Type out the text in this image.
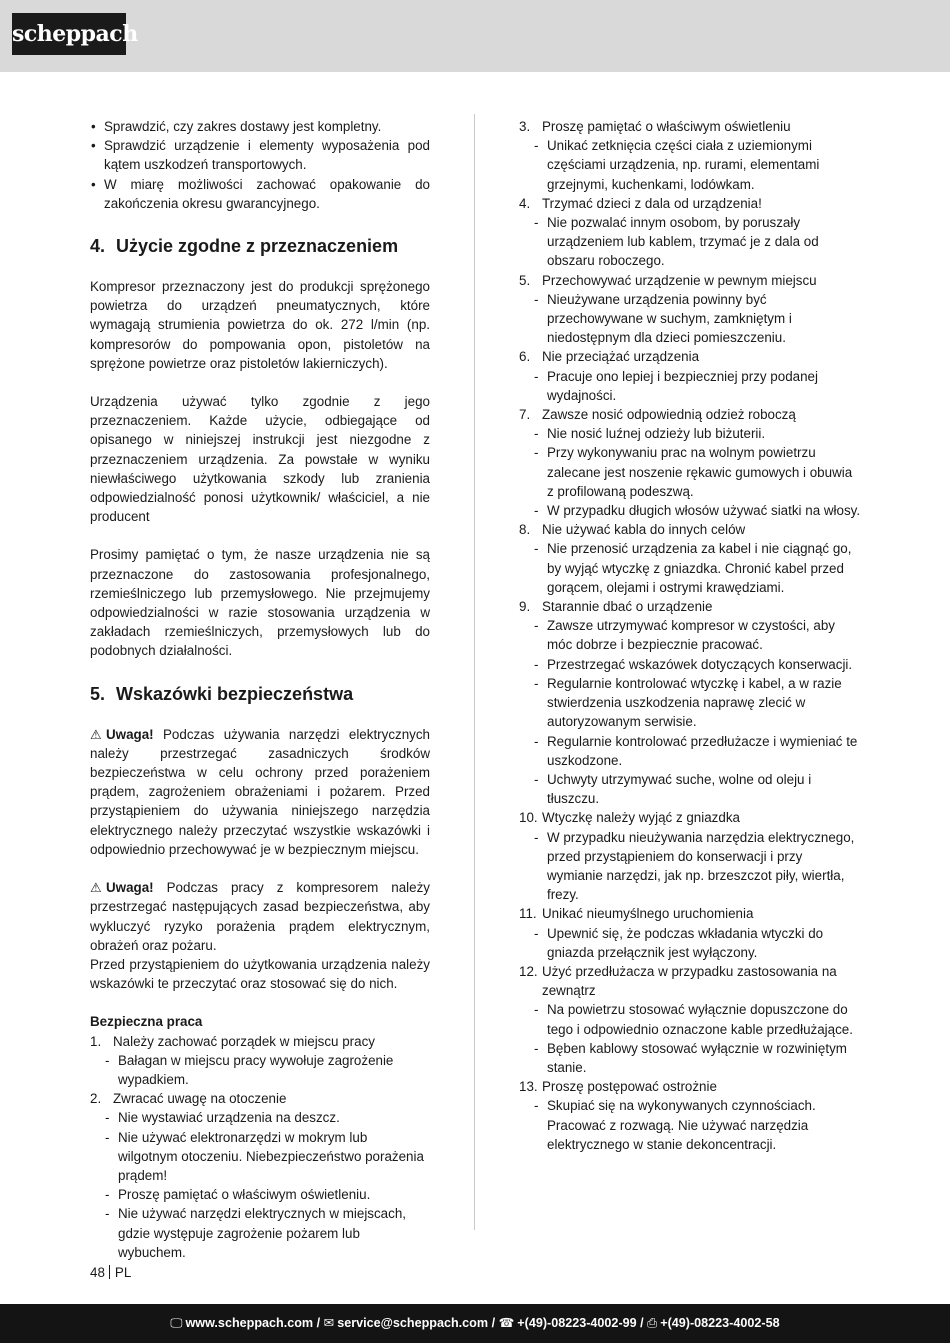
scheppach
• Sprawdzić, czy zakres dostawy jest kompletny.
• Sprawdzić urządzenie i elementy wyposażenia pod kątem uszkodzeń transportowych.
• W miarę możliwości zachować opakowanie do zakończenia okresu gwarancyjnego.
4. Użycie zgodne z przeznaczeniem
Kompresor przeznaczony jest do produkcji sprężonego powietrza do urządzeń pneumatycznych, które wymagają strumienia powietrza do ok. 272 l/min (np. kompresorów do pompowania opon, pistoletów na sprężone powietrze oraz pistoletów lakierniczych).
Urządzenia używać tylko zgodnie z jego przeznaczeniem. Każde użycie, odbiegające od opisanego w niniejszej instrukcji jest niezgodne z przeznaczeniem urządzenia. Za powstałe w wyniku niewłaściwego użytkowania szkody lub zranienia odpowiedzialność ponosi użytkownik/ właściciel, a nie producent
Prosimy pamiętać o tym, że nasze urządzenia nie są przeznaczone do zastosowania profesjonalnego, rzemieślniczego lub przemysłowego. Nie przejmujemy odpowiedzialności w razie stosowania urządzenia w zakładach rzemieślniczych, przemysłowych lub do podobnych działalności.
5. Wskazówki bezpieczeństwa
⚠ Uwaga! Podczas używania narzędzi elektrycznych należy przestrzegać zasadniczych środków bezpieczeństwa w celu ochrony przed porażeniem prądem, zagrożeniem obrażeniami i pożarem. Przed przystąpieniem do używania niniejszego narzędzia elektrycznego należy przeczytać wszystkie wskazówki i odpowiednio przechowywać je w bezpiecznym miejscu.
⚠ Uwaga! Podczas pracy z kompresorem należy przestrzegać następujących zasad bezpieczeństwa, aby wykluczyć ryzyko porażenia prądem elektrycznym, obrażeń oraz pożaru.
Przed przystąpieniem do użytkowania urządzenia należy wskazówki te przeczytać oraz stosować się do nich.
Bezpieczna praca
1. Należy zachować porządek w miejscu pracy
- Bałagan w miejscu pracy wywołuje zagrożenie wypadkiem.
2. Zwracać uwagę na otoczenie
- Nie wystawiać urządzenia na deszcz.
- Nie używać elektronarzędzi w mokrym lub wilgotnym otoczeniu. Niebezpieczeństwo porażenia prądem!
- Proszę pamiętać o właściwym oświetleniu.
- Nie używać narzędzi elektrycznych w miejscach, gdzie występuje zagrożenie pożarem lub wybuchem.
3. Proszę pamiętać o właściwym oświetleniu
- Unikać zetknięcia części ciała z uziemionymi częściami urządzenia, np. rurami, elementami grzejnymi, kuchenkami, lodówkam.
4. Trzymać dzieci z dala od urządzenia!
- Nie pozwalać innym osobom, by poruszały urządzeniem lub kablem, trzymać je z dala od obszaru roboczego.
5. Przechowywać urządzenie w pewnym miejscu
- Nieużywane urządzenia powinny być przechowywane w suchym, zamkniętym i niedostępnym dla dzieci pomieszczeniu.
6. Nie przeciążać urządzenia
- Pracuje ono lepiej i bezpieczniej przy podanej wydajności.
7. Zawsze nosić odpowiednią odzież roboczą
- Nie nosić luźnej odzieży lub biżuterii.
- Przy wykonywaniu prac na wolnym powietrzu zalecane jest noszenie rękawic gumowych i obuwia z profilowaną podeszwą.
- W przypadku długich włosów używać siatki na włosy.
8. Nie używać kabla do innych celów
- Nie przenosić urządzenia za kabel i nie ciągnąć go, by wyjąć wtyczkę z gniazdka. Chronić kabel przed gorącem, olejami i ostrymi krawędziami.
9. Starannie dbać o urządzenie
- Zawsze utrzymywać kompresor w czystości, aby móc dobrze i bezpiecznie pracować.
- Przestrzegać wskazówek dotyczących konserwacji.
- Regularnie kontrolować wtyczkę i kabel, a w razie stwierdzenia uszkodzenia naprawę zlecić w autoryzowanym serwisie.
- Regularnie kontrolować przedłużacze i wymieniać te uszkodzone.
- Uchwyty utrzymywać suche, wolne od oleju i tłuszczu.
10. Wtyczkę należy wyjąć z gniazdka
- W przypadku nieużywania narzędzia elektrycznego, przed przystąpieniem do konserwacji i przy wymianie narzędzi, jak np. brzeszczot piły, wiertła, frezy.
11. Unikać nieumyślnego uruchomienia
- Upewnić się, że podczas wkładania wtyczki do gniazda przełącznik jest wyłączony.
12. Użyć przedłużacza w przypadku zastosowania na zewnątrz
- Na powietrzu stosować wyłącznie dopuszczone do tego i odpowiednio oznaczone kable przedłużające.
- Bęben kablowy stosować wyłącznie w rozwiniętym stanie.
13. Proszę postępować ostrożnie
- Skupiać się na wykonywanych czynnościach. Pracować z rozwagą. Nie używać narzędzia elektrycznego w stanie dekoncentracji.
48 PL
🖵 www.scheppach.com / ✉ service@scheppach.com / ☎ +(49)-08223-4002-99 / ⎙ +(49)-08223-4002-58
